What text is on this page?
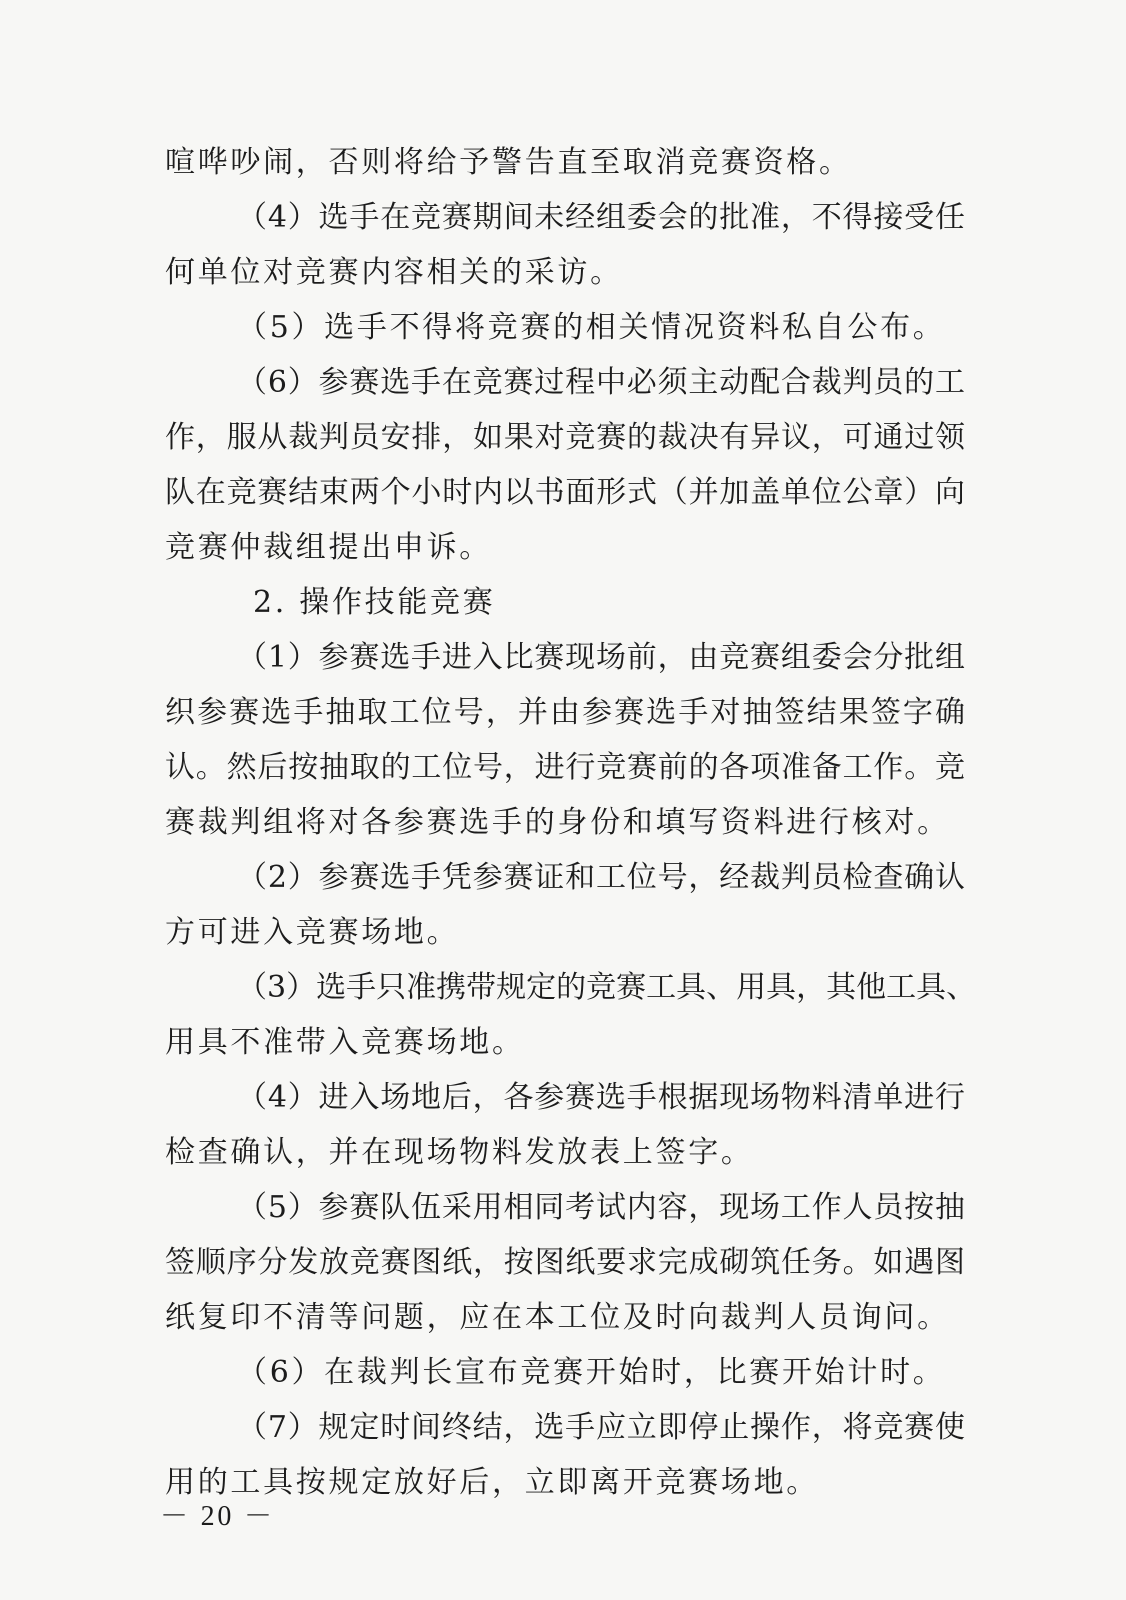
喧哗吵闹，否则将给予警告直至取消竞赛资格。
（4）选手在竞赛期间未经组委会的批准，不得接受任
何单位对竞赛内容相关的采访。
（5）选手不得将竞赛的相关情况资料私自公布。
（6）参赛选手在竞赛过程中必须主动配合裁判员的工
作，服从裁判员安排，如果对竞赛的裁决有异议，可通过领
队在竞赛结束两个小时内以书面形式（并加盖单位公章）向
竞赛仲裁组提出申诉。
2. 操作技能竞赛
（1）参赛选手进入比赛现场前，由竞赛组委会分批组
织参赛选手抽取工位号，并由参赛选手对抽签结果签字确
认。然后按抽取的工位号，进行竞赛前的各项准备工作。竞
赛裁判组将对各参赛选手的身份和填写资料进行核对。
（2）参赛选手凭参赛证和工位号，经裁判员检查确认
方可进入竞赛场地。
（3）选手只准携带规定的竞赛工具、用具，其他工具、
用具不准带入竞赛场地。
（4）进入场地后，各参赛选手根据现场物料清单进行
检查确认，并在现场物料发放表上签字。
（5）参赛队伍采用相同考试内容，现场工作人员按抽
签顺序分发放竞赛图纸，按图纸要求完成砌筑任务。如遇图
纸复印不清等问题，应在本工位及时向裁判人员询问。
（6）在裁判长宣布竞赛开始时，比赛开始计时。
（7）规定时间终结，选手应立即停止操作，将竞赛使
用的工具按规定放好后，立即离开竞赛场地。
－ 20 －
